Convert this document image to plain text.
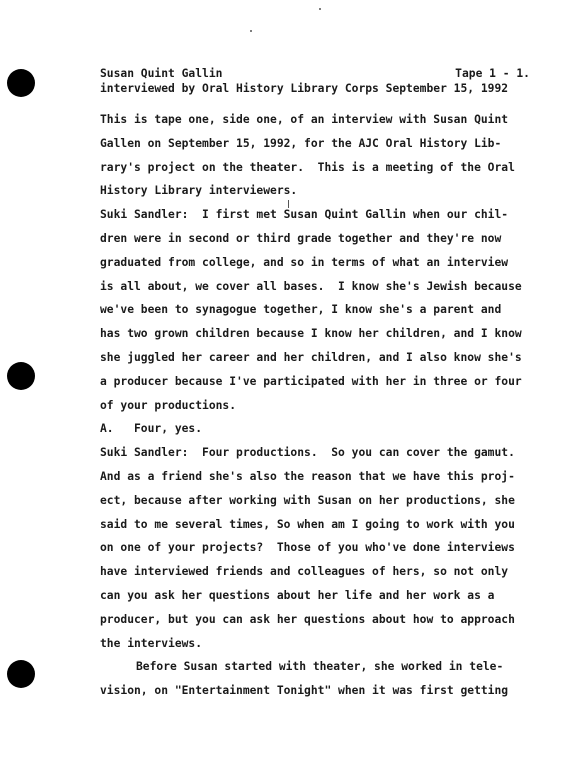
Susan Quint Gallin	Tape 1 - 1.
interviewed by Oral History Library Corps September 15, 1992
This is tape one, side one, of an interview with Susan Quint
Gallen on September 15, 1992, for the AJC Oral History Lib-
rary's project on the theater.  This is a meeting of the Oral
History Library interviewers.
Suki Sandler:  I first met Susan Quint Gallin when our chil-
dren were in second or third grade together and they're now
graduated from college, and so in terms of what an interview
is all about, we cover all bases.  I know she's Jewish because
we've been to synagogue together, I know she's a parent and
has two grown children because I know her children, and I know
she juggled her career and her children, and I also know she's
a producer because I've participated with her in three or four
of your productions.
A.   Four, yes.
Suki Sandler:  Four productions.  So you can cover the gamut.
And as a friend she's also the reason that we have this proj-
ect, because after working with Susan on her productions, she
said to me several times, So when am I going to work with you
on one of your projects?  Those of you who've done interviews
have interviewed friends and colleagues of hers, so not only
can you ask her questions about her life and her work as a
producer, but you can ask her questions about how to approach
the interviews.
Before Susan started with theater, she worked in tele-
vision, on "Entertainment Tonight" when it was first getting
